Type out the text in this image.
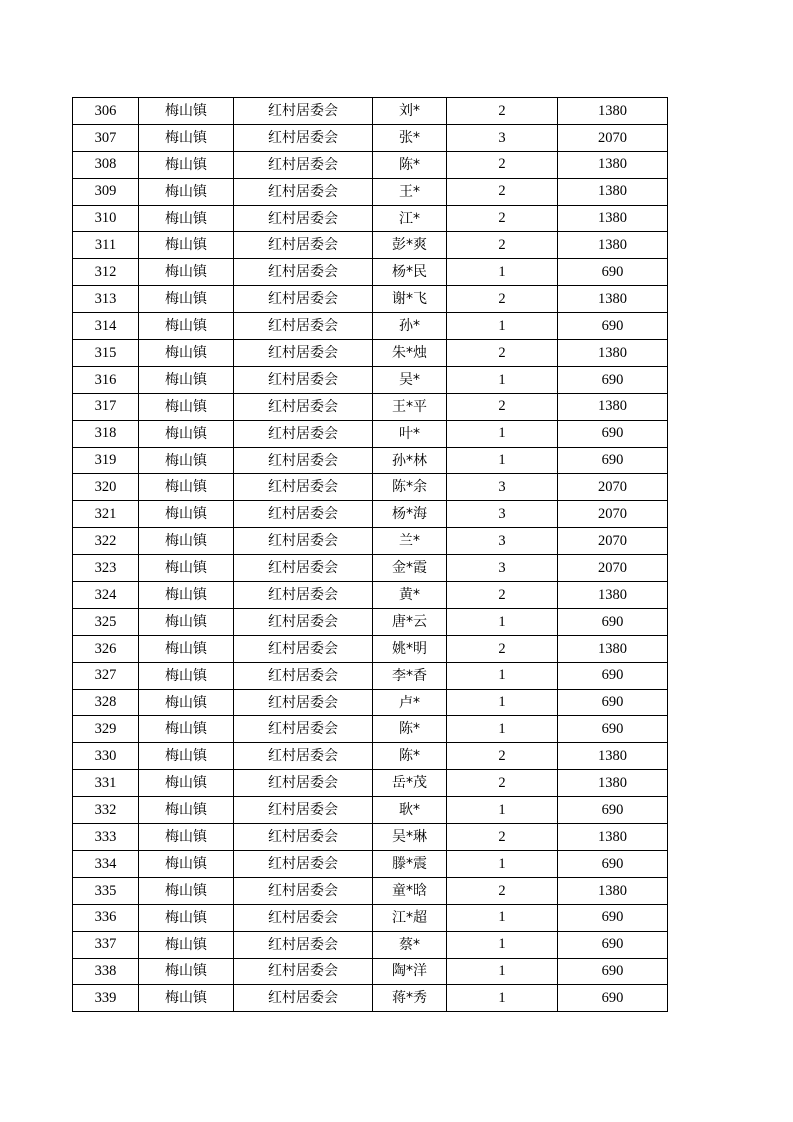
306	梅山镇	红村居委会	刘*	2	1380
307	梅山镇	红村居委会	张*	3	2070
308	梅山镇	红村居委会	陈*	2	1380
309	梅山镇	红村居委会	王*	2	1380
310	梅山镇	红村居委会	江*	2	1380
311	梅山镇	红村居委会	彭*爽	2	1380
312	梅山镇	红村居委会	杨*民	1	690
313	梅山镇	红村居委会	谢*飞	2	1380
314	梅山镇	红村居委会	孙*	1	690
315	梅山镇	红村居委会	朱*烛	2	1380
316	梅山镇	红村居委会	吴*	1	690
317	梅山镇	红村居委会	王*平	2	1380
318	梅山镇	红村居委会	叶*	1	690
319	梅山镇	红村居委会	孙*林	1	690
320	梅山镇	红村居委会	陈*余	3	2070
321	梅山镇	红村居委会	杨*海	3	2070
322	梅山镇	红村居委会	兰*	3	2070
323	梅山镇	红村居委会	金*霞	3	2070
324	梅山镇	红村居委会	黄*	2	1380
325	梅山镇	红村居委会	唐*云	1	690
326	梅山镇	红村居委会	姚*明	2	1380
327	梅山镇	红村居委会	李*香	1	690
328	梅山镇	红村居委会	卢*	1	690
329	梅山镇	红村居委会	陈*	1	690
330	梅山镇	红村居委会	陈*	2	1380
331	梅山镇	红村居委会	岳*茂	2	1380
332	梅山镇	红村居委会	耿*	1	690
333	梅山镇	红村居委会	吴*琳	2	1380
334	梅山镇	红村居委会	滕*震	1	690
335	梅山镇	红村居委会	童*晗	2	1380
336	梅山镇	红村居委会	江*超	1	690
337	梅山镇	红村居委会	蔡*	1	690
338	梅山镇	红村居委会	陶*洋	1	690
339	梅山镇	红村居委会	蒋*秀	1	690
